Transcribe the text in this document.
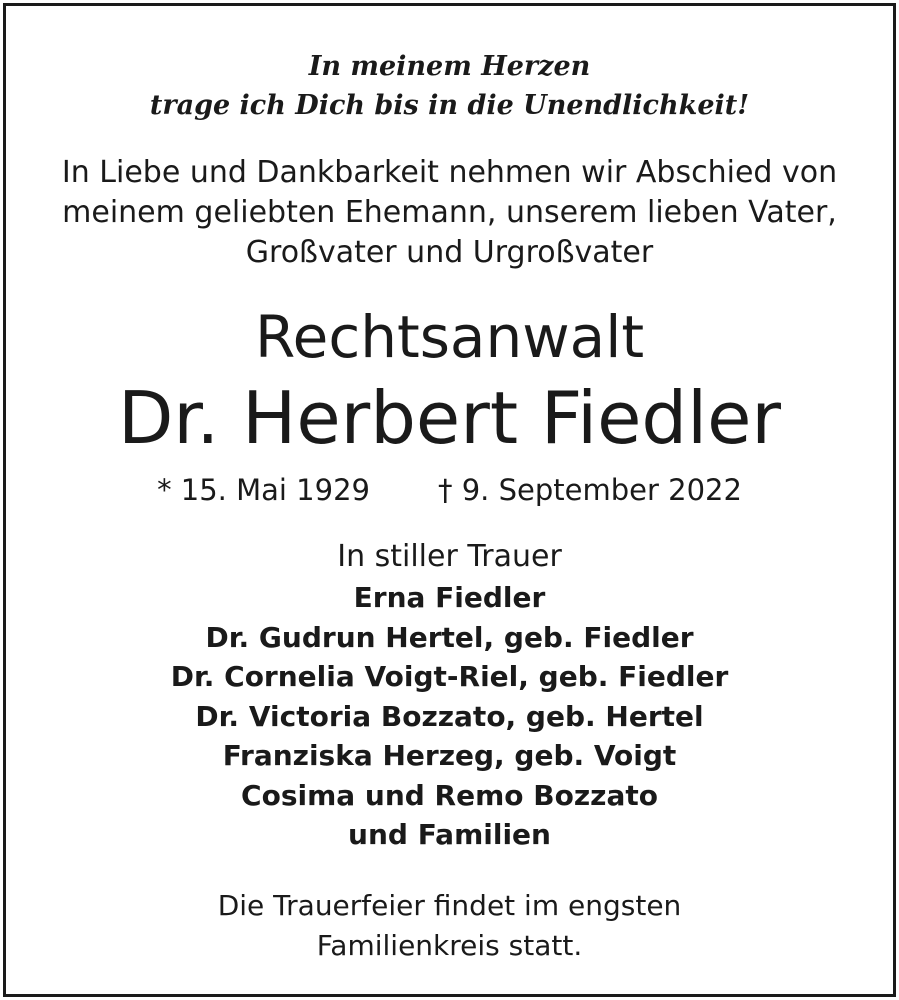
In meinem Herzen
trage ich Dich bis in die Unendlichkeit!
In Liebe und Dankbarkeit nehmen wir Abschied von
meinem geliebten Ehemann, unserem lieben Vater,
Großvater und Urgroßvater
Rechtsanwalt
Dr. Herbert Fiedler
* 15. Mai 1929 † 9. September 2022
In stiller Trauer
Erna Fiedler
Dr. Gudrun Hertel, geb. Fiedler
Dr. Cornelia Voigt-Riel, geb. Fiedler
Dr. Victoria Bozzato, geb. Hertel
Franziska Herzeg, geb. Voigt
Cosima und Remo Bozzato
und Familien
Die Trauerfeier findet im engsten
Familienkreis statt.
